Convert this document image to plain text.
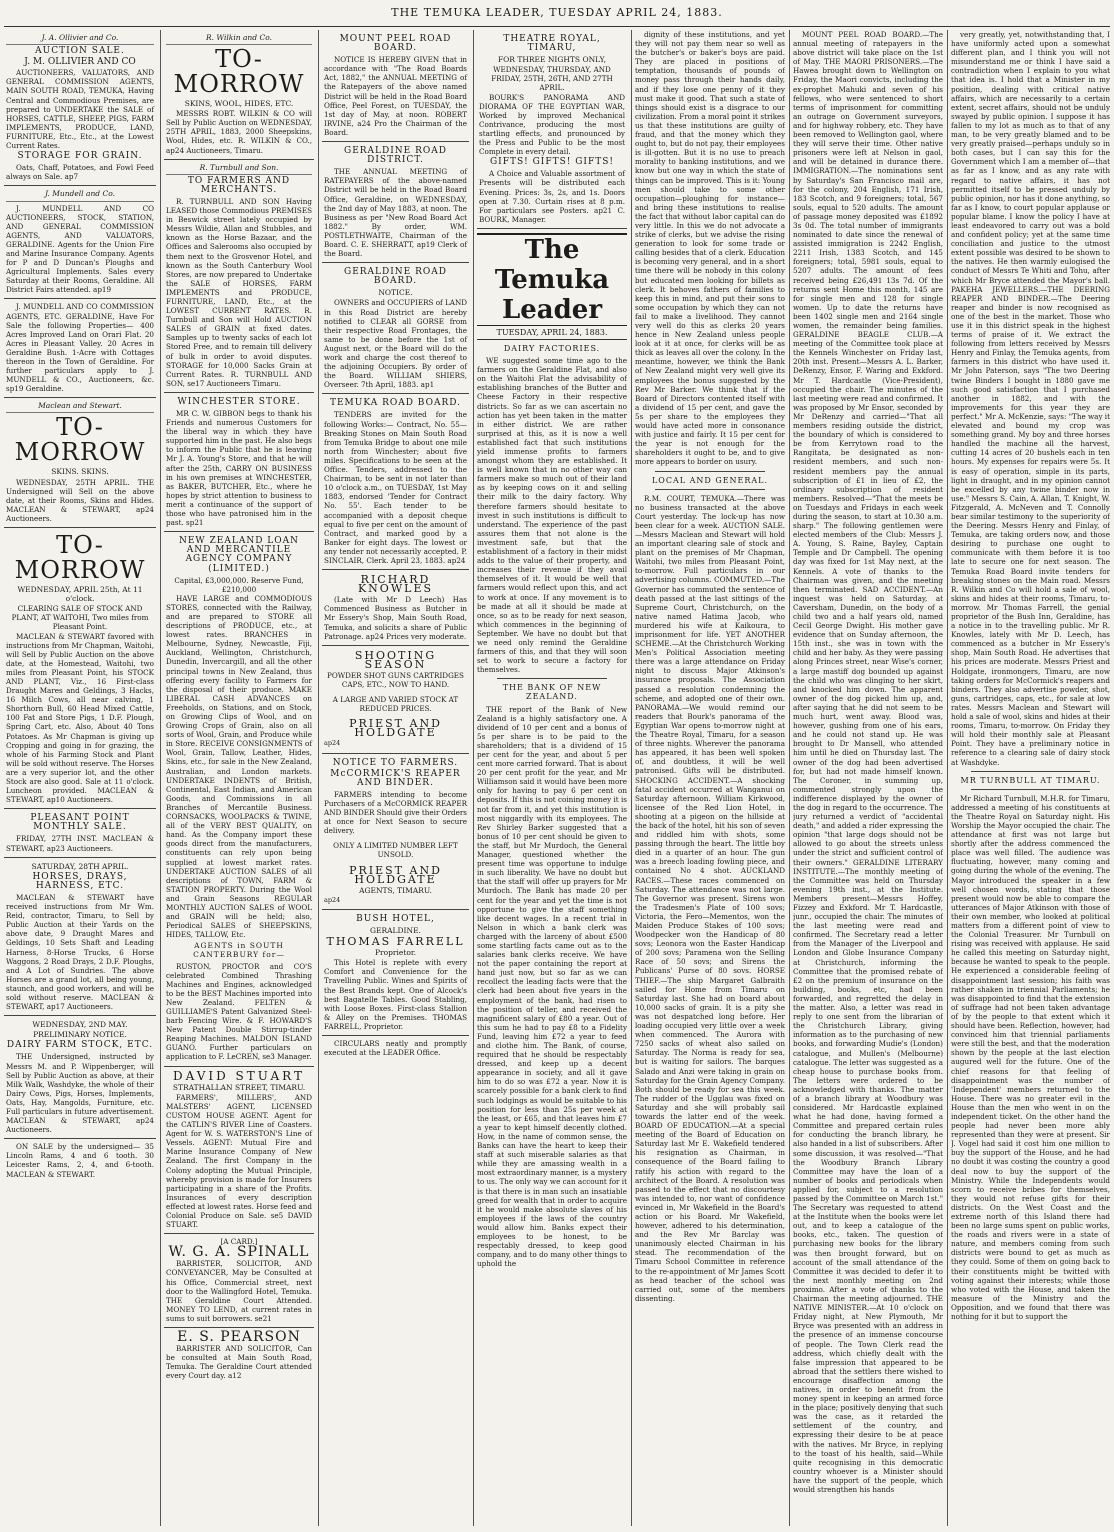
THE TEMUKA LEADER, TUESDAY APRIL 24, 1883.
J. A. Ollivier and Co.
AUCTION SALE.
J. M. OLLIVIER AND CO
AUCTIONEERS, VALUATORS, AND GENERAL COMMISSION AGENTS, MAIN SOUTH ROAD, TEMUKA, Having Central and Commodious Premises, are prepared to UNDERTAKE the SALE of HORSES, CATTLE, SHEEP, PIGS, FARM IMPLEMENTS, PRODUCE, LAND, FURNITURE, Etc., Etc., at the Lowest Current Rates.
STORAGE FOR GRAIN.
Oats, Chaff, Potatoes, and Fowl Feed always on Sale. ap7
J. Mundell and Co.
J. MUNDELL AND CO AUCTIONEERS, STOCK, STATION, AND GENERAL COMMISSION AGENTS, AND VALUATORS, GERALDINE. Agents for the Union Fire and Marine Insurance Company. Agents for P and D Duncan's Ploughs and Agricultural Implements. Sales every Saturday at their Rooms, Geraldine. All District Fairs attended. ap19
J. MUNDELL AND CO COMMISSION AGENTS, ETC. GERALDINE, Have For Sale the following Properties— 400 Acres Improved Land on Orari Flat. 20 Acres in Pleasant Valley. 20 Acres in Geraldine Bush. 1-Acre with Cottages thereon in the Town of Geraldine. For further particulars apply to J. MUNDELL & CO., Auctioneers, &c. sp19 Geraldine.
Maclean and Stewart.
TO-MORROW
SKINS. SKINS.
WEDNESDAY, 25TH APRIL. THE Undersigned will Sell on the above date, at their Rooms, Skins and Hides. MACLEAN & STEWART, ap24 Auctioneers.
TO-MORROW
WEDNESDAY, APRIL 25th, At 11 o'clock.
CLEARING SALE OF STOCK AND PLANT, AT WAITOHI, Two miles from Pleasant Point.
MACLEAN & STEWART favored with instructions from Mr Chapman, Waitohi, will Sell by Public Auction on the above date, at the Homestead, Waitohi, two miles from Pleasant Point, his STOCK AND PLANT, Viz., 16 First-class Draught Mares and Geldings, 3 Hacks, 16 Milch Cows, all near calving, 1 Shorthorn Bull, 60 Head Mixed Cattle, 100 Fat and Store Pigs, 1 D.F. Plough, Spring Cart, etc. Also, About 40 Tons Potatoes. As Mr Chapman is giving up Cropping and going in for grazing, the whole of his Farming Stock and Plant will be sold without reserve. The Horses are a very superior lot, and the other Stock are also good. Sale at 11 o'clock. Luncheon provided. MACLEAN & STEWART, ap10 Auctioneers.
PLEASANT POINT MONTHLY SALE.
FRIDAY, 27TH INST. MACLEAN & STEWART, ap23 Auctioneers.
SATURDAY, 28TH APRIL.
HORSES, DRAYS, HARNESS, ETC.
MACLEAN & STEWART have received instructions from Mr Wm. Reid, contractor, Timaru, to Sell by Public Auction at their Yards on the above date, 9 Draught Mares and Geldings, 10 Sets Shaft and Leading Harness, 8-Horse Trucks, 6 Horse Waggons, 2 Road Drays, 2 D.F. Ploughs, and A Lot of Sundries. The above Horses are a grand lot, all being young, staunch, and good workers, and will be sold without reserve. MACLEAN & STEWART, ap17 Auctioneers.
WEDNESDAY, 2ND MAY.
PRELIMINARY NOTICE.
DAIRY FARM STOCK, ETC.
THE Undersigned, instructed by Messrs M. and P. Wippenberger, will Sell by Public Auction as above, at their Milk Walk, Washdyke, the whole of their Dairy Cows, Pigs, Horses, Implements, Oats, Hay, Mangolds, Furniture, etc. Full particulars in future advertisement. MACLEAN & STEWART, ap24 Auctioneers.
ON SALE by the undersigned— 35 Lincoln Rams, 4 and 6 tooth. 30 Leicester Rams, 2, 4, and 6-tooth. MACLEAN & STEWART.
R. Wilkin and Co.
TO-MORROW
SKINS, WOOL, HIDES, ETC.
MESSRS ROBT. WILKIN & CO will Sell by Public Auction on WEDNESDAY, 25TH APRIL, 1883, 2000 Sheepskins, Wool, Hides, etc. R. WILKIN & CO., ap24 Auctioneers, Timaru.
R. Turnbull and Son.
TO FARMERS AND MERCHANTS.
R. TURNBULL AND SON Having LEASED those Commodious PREMISES in Beswick street lately occupied by Messrs Wildie, Allan and Stubbles, and known as the Horse Bazaar, and the Offices and Salerooms also occupied by them next to the Grosvenor Hotel, and known as the South Canterbury Wool Stores, are now prepared to Undertake the SALE of HORSES, FARM IMPLEMENTS and PRODUCE, FURNITURE, LAND, Etc., at the LOWEST CURRENT RATES. R. Turnbull and Son will Hold AUCTION SALES of GRAIN at fixed dates. Samples up to twenty sacks of each lot Stored Free, and to remain till delivery of bulk in order to avoid disputes. STORAGE for 10,000 Sacks Grain at Current Rates. R. TURNBULL AND SON, se17 Auctioneers Timaru.
WINCHESTER STORE.
MR C. W. GIBBON begs to thank his Friends and numerous Customers for the liberal way in which they have supported him in the past. He also begs to inform the Public that he is leaving Mr J. A. Young's Store, and that he will after the 25th, CARRY ON BUSINESS in his own premises at WINCHESTER, as BAKER, BUTCHER, Etc., where he hopes by strict attention to business to merit a continuance of the support of those who have patronised him in the past. sp21
NEW ZEALAND LOAN AND MERCANTILE AGENCY COMPANY (LIMITED.)
Capital, £3,000,000. Reserve Fund, £210,000
HAVE LARGE and COMMODIOUS STORES, connected with the Railway, and are prepared to STORE all descriptions of PRODUCE, etc., at lowest rates. BRANCHES in Melbourne, Sydney, Newcastle, Fiji, Auckland, Wellington, Christchurch, Dunedin, Invercargill, and all the other principal towns in New Zealand, thus offering every facility to Farmers for the disposal of their produce. MAKE LIBERAL CASH ADVANCES on Freeholds, on Stations, and on Stock, on Growing Clips of Wool, and on Growing Crops of Grain, also on all sorts of Wool, Grain, and Produce while in Store. RECEIVE CONSIGNMENTS of Wool, Grain, Tallow, Leather, Hides, Skins, etc., for sale in the New Zealand, Australian, and London markets. UNDERTAKE INDENTS of British, Continental, East Indian, and American Goods, and Commissions in all Branches of Mercantile Business. CORNSACKS, WOOLPACKS & TWINE, all of the VERY BEST QUALITY, on hand. As the Company import these goods direct from the manufacturers, constituents can rely upon being supplied at lowest market rates. UNDERTAKE AUCTION SALES of all descriptions of TOWN, FARM & STATION PROPERTY. During the Wool and Grain Seasons REGULAR MONTHLY AUCTION SALES of WOOL and GRAIN will be held; also, Periodical SALES of SHEEPSKINS, HIDES, TALLOW, Etc.
AGENTS in SOUTH CANTERBURY for—
RUSTON, PROCTOR and CO'S celebrated Combined Thrashing Machines and Engines, acknowledged to be the BEST Machines imported into New Zealand. FELTEN & GUILLIAME'S Patent Galvanized Steel-barb Fencing Wire. & F. HOWARD'S New Patent Double Stirrup-tinder Reaping Machines. MALDON ISLAND GUANO. Further particulars on application to F. LeCREN, se3 Manager.
DAVID STUART
STRATHALLAN STREET, TIMARU.
FARMERS', MILLERS', AND MALSTERS' AGENT, LICENSED CUSTOM HOUSE AGENT. Agent for the CATLIN'S RIVER Line of Coasters. Agent for W. S. WATERSTON'S Line of Vessels. AGENT: Mutual Fire and Marine Insurance Company of New Zealand. The first Company in the Colony adopting the Mutual Principle, whereby provision is made for Insurers participating in a share of the Profits. Insurances of every description effected at lowest rates. Horse feed and Colonial Produce on Sale. se5 DAVID STUART.
[A CARD.]
W. G. A. SPINALL
BARRISTER, SOLICITOR, AND CONVEYANCER, May be Consulted at his Office, Commercial street, next door to the Wallingford Hotel, Temuka. THE Geraldine Court Attended. MONEY TO LEND, at current rates in sums to suit borrowers. se21
E. S. PEARSON
BARRISTER AND SOLICITOR, Can be consulted at Main South Road, Temuka. The Geraldine Court attended every Court day. a12
MOUNT PEEL ROAD BOARD.
NOTICE IS HEREBY GIVEN that in accordance with "The Road Boards Act, 1882," the ANNUAL MEETING of the Ratepayers of the above named District will be held in the Road Board Office, Peel Forest, on TUESDAY, the 1st day of May, at noon. ROBERT IRVINE, a24 Pro the Chairman of the Board.
GERALDINE ROAD DISTRICT.
THE ANNUAL MEETING of RATEPAYERS of the above-named District will be held in the Road Board Office, Geraldine, on WEDNESDAY, the 2nd day of May 1883, at noon. The Business as per "New Road Board Act 1882." By order, WM. POSTLETHWAITE, Chairman of the Board. C. E. SHERRATT, ap19 Clerk of the Board.
GERALDINE ROAD BOARD.
NOTICE.
OWNERS and OCCUPIERS of LAND in this Road District are hereby notified to CLEAR all GORSE from their respective Road Frontages, the same to be done before the 1st of August next, or the Board will do the work and charge the cost thereof to the adjoining Occupiers. By order of the Board. WILLIAM SHIERS, Overseer. 7th April, 1883. ap1
TEMUKA ROAD BOARD.
TENDERS are invited for the following Works:— Contract, No. 55—Breaking Stones on Main South Road from Temuka Bridge to about one mile north from Winchester; about five miles. Specifications to be seen at the Office. Tenders, addressed to the Chairman, to be sent in not later than 10 o'clock a.m., on TUESDAY, 1st May 1883, endorsed 'Tender for Contract No. 55'. Each tender to be accompanied with a deposit cheque equal to five per cent on the amount of Contract, and marked good by a Banker for eight days. The lowest or any tender not necessarily accepted. P. SINCLAIR, Clerk. April 23, 1883. ap24
RICHARD KNOWLES
(Late with Mr D Leech) Has Commenced Business as Butcher in Mr Essery's Shop, Main South Road, Temuka, and solicits a share of Public Patronage. ap24 Prices very moderate.
SHOOTING SEASON
POWDER SHOT GUNS CARTRIDGES CAPS, ETC., NOW TO HAND.
A LARGE AND VARIED STOCK AT REDUCED PRICES.
PRIEST AND HOLDGATE
ap24
NOTICE TO FARMERS.
McCORMICK'S REAPER AND BINDER.
FARMERS intending to become Purchasers of a McCORMICK REAPER AND BINDER Should give their Orders at once for Next Season to secure delivery.
ONLY A LIMITED NUMBER LEFT UNSOLD.
PRIEST AND HOLDGATE
AGENTS, TIMARU.
ap24
BUSH HOTEL,
GERALDINE.
THOMAS FARRELL
Proprietor.
This Hotel is replete with every Comfort and Convenience for the Travelling Public. Wines and Spirits of the Best Brands kept. One of Alcock's best Bagatelle Tables. Good Stabling, with Loose Boxes. First-class Stallion & Alley on the Premises. THOMAS FARRELL, Proprietor.
CIRCULARS neatly and promptly executed at the LEADER Office.
THEATRE ROYAL, TIMARU,
FOR THREE NIGHTS ONLY,
WEDNESDAY, THURSDAY, AND FRIDAY, 25TH, 26TH, AND 27TH APRIL.
BOURK'S PANORAMA AND DIORAMA OF THE EGYPTIAN WAR, Worked by improved Mechanical Contrivance, producing the most startling effects, and pronounced by the Press and Public to be the most Complete in every detail.
GIFTS! GIFTS! GIFTS!
A Choice and Valuable assortment of Presents will be distributed each Evening. Prices: 3s, 2s, and 1s. Doors open at 7.30. Curtain rises at 8 p.m. For particulars see Posters. ap21 C. BOURK, Manager.
The Temuka Leader
TUESDAY, APRIL 24, 1883.
DAIRY FACTORIES.

WE suggested some time ago to the farmers on the Geraldine Flat, and also on the Waitohi Flat the advisability of establishing branches of the Butter and Cheese Factory in their respective districts. So far as we can ascertain no action has yet been taken in the matter in either district. We are rather surprised at this, as it is now a well established fact that such institutions yield immense profits to farmers amongst whom they are established. It is well known that in no other way can farmers make so much out of their land as by keeping cows on it and selling their milk to the dairy factory. Why therefore farmers should hesitate to invest in such institutions is difficult to understand. The experience of the past assures them that not alone is the investment safe, but that the establishment of a factory in their midst adds to the value of their property, and increases their revenue if they avail themselves of it. It would be well that farmers would reflect upon this, and act to work at once. If any movement is to be made at all it should be made at once, so as to be ready for next season, which commences in the beginning of September. We have no doubt but that we need only remind the Geraldine farmers of this, and that they will soon set to work to secure a factory for themselves.

THE BANK OF NEW ZEALAND.

THE report of the Bank of New Zealand is a highly satisfactory one. A dividend of 10 per cent and a bonus of 5s per share is to be paid to the shareholders; that is a dividend of 15 per cent for the year, and about 5 per cent more carried forward. That is about 20 per cent profit for the year, and Mr Williamson said it would have been more only for having to pay 6 per cent on deposits. If this is not coining money it is not far from it, and yet this institution is most niggardly with its employees. The Rev Shirley Barker suggested that a bonus of 10 per cent should be given to the staff, but Mr Murdoch, the General Manager, questioned whether the present time was opportune to indulge in such liberality. We have no doubt but that the staff will offer up prayers for Mr Murdoch. The Bank has made 20 per cent for the year and yet the time is not opportune to give the staff something like decent wages. In a recent trial in Nelson in which a bank clerk was charged with the larceny of about £500 some startling facts came out as to the salaries bank clerks receive. We have not the paper containing the report at hand just now, but so far as we can recollect the leading facts were that the clerk had been about five years in the employment of the bank, had risen to the position of teller, and received the magnificent salary of £80 a year. Out of this sum he had to pay £8 to a Fidelity Fund, leaving him £72 a year to feed and clothe him. The Bank, of course, required that he should be respectably dressed, and keep up a decent appearance in society, and all it gave him to do so was £72 a year. Now it is scarcely possible for a bank clerk to find such lodgings as would be suitable to his position for less than 25s per week at the least, or £65, and that leaves him £7 a year to kept himself decently clothed. How, in the name of common sense, the Banks can have the heart to keep their staff at such miserable salaries as that while they are amassing wealth in a most extraordinary manner, is a mystery to us. The only way we can account for it is that there is in man such an insatiable greed for wealth that in order to acquire it he would make absolute slaves of his employees if the laws of the country would allow him. Banks expect their employees to be honest, to be respectably dressed, to keep good company, and to do many other things to uphold the

dignity of these institutions, and yet they will not pay them near so well as the butcher's or baker's boys are paid. They are placed in positions of temptation, thousands of pounds of money pass through their hands daily, and if they lose one penny of it they must make it good. That such a state of things should exist is a disgrace to our civilization. From a moral point it strikes us that these institutions are guilty of fraud, and that the money which they ought to, but do not pay, their employees is ill-gotten. But it is no use to preach morality to banking institutions, and we know but one way in which the state of things can be improved. This is it: Young men should take to some other occupation—ploughing for instance—and bring these institutions to realise the fact that without labor capital can do very little. In this we do not advocate a strike of clerks, but we advise the rising generation to look for some trade or calling besides that of a clerk. Education is becoming very general, and in a short time there will be nobody in this colony but educated men looking for billets as clerk. It behoves fathers of families to keep this in mind, and put their sons to some occupation by which they can not fail to make a livelihood. They cannot very well do this as clerks 20 years hence in New Zealand unless people look at it at once, for clerks will be as thick as leaves all over the colony. In the meantime, however, we think the Bank of New Zealand might very well give its employees the bonus suggested by the Rev Mr Barker. We think that if the Board of Directors contented itself with a dividend of 15 per cent, and gave the 5s per share to the employees they would have acted more in consonance with justice and fairly. It 15 per cent for the year is not enough for the shareholders it ought to be, and to give more appears to border on usury.

LOCAL AND GENERAL.

R.M. COURT, TEMUKA.—There was no business transacted at the above Court yesterday. The lock-up has now been clear for a week. AUCTION SALE.—Messrs Maclean and Stewart will hold an important clearing sale of stock and plant on the premises of Mr Chapman, Waitohi, two miles from Pleasant Point, to-morrow. Full particulars in our advertising columns. COMMUTED.—The Governor has commuted the sentence of death passed at the last sittings of the Supreme Court, Christchurch, on the native named Hatima Jacob, who murdered his wife at Kaikoura, to imprisonment for life. YET ANOTHER SCHEME.—At the Christchurch Working Men's Political Association meeting there was a large attendance on Friday night to discuss Major Atkinson's insurance proposals. The Association passed a resolution condemning the scheme, and adopted one of their own. PANORAMA.—We would remind our readers that Bourk's panorama of the Egyptian War opens to-morrow night at the Theatre Royal, Timaru, for a season of three nights. Wherever the panorama has appeared, it has been well spoken of, and doubtless, it will be well patronised. Gifts will be distributed. SHOCKING ACCIDENT.—A shocking fatal accident occurred at Wanganui on Saturday afternoon. William Kirkwood, licensee of the Red Lion Hotel, in shooting at a pigeon on the hillside at the back of the hotel, hit his son of seven and riddled him with shots, some passing through the heart. The little boy died in a quarter of an hour. The gun was a breech loading fowling piece, and contained No 4 shot. AUCKLAND RACES.—These races commenced on Saturday. The attendance was not large. The Governor was present. Sirens won the Tradesmen's Plate of 100 sovs; Victoria, the Fero—Mementos, won the Maiden Produce Stakes of 100 sovs; Woodpecker won the Handicap of 80 sovs; Leonora won the Easter Handicap of 200 sovs; Paramena won the Selling Race of 50 sovs; and Sirens the Publicans' Purse of 80 sovs. HORSE THIEF.—The ship Margaret Galbraith sailed for Home from Timaru on Saturday last. She had on board about 10,000 sacks of grain. It is a pity she was not despatched long before. Her loading occupied very little over a week when commenced. The Aurora with 7250 sacks of wheat also sailed on Saturday. The Norma is ready for sea, but is waiting for sailors. The barques Salado and Anzi were taking in grain on Saturday for the Grain Agency Company. Both should be ready for sea this week. The rudder of the Ugglau was fixed on Saturday and she will probably sail towards the latter end of the week. BOARD OF EDUCATION.—At a special meeting of the Board of Education on Saturday last Mr E. Wakefield tendered his resignation as Chairman, in consequence of the Board failing to ratify his action with regard to the architect of the Board. A resolution was passed to the effect that no discourtesy was intended to, nor want of confidence evinced in, Mr Wakefield in the Board's action or his Board. Mr Wakefield, however, adhered to his determination, and the Rev Mr Barclay was unanimously elected Chairman in his stead. The recommendation of the Timaru School Committee in reference to the re-appointment of Mr James Scott as head teacher of the school was carried out, some of the members dissenting.

MOUNT PEEL ROAD BOARD.—The annual meeting of ratepayers in the above district will take place on the 1st of May. THE MAORI PRISONERS.—The Hawea brought down to Wellington on Friday, the Maori convicts, including the ex-prophet Mahuki and seven of his fellows, who were sentenced to short terms of imprisonment for committing an outrage on Government surveyors, and for highway robbery, etc. They have been removed to Wellington gaol, where they will serve their time. Other native prisoners were left at Nelson in gaol, and will be detained in durance there. IMMIGRATION.—The nominations sent by Saturday's San Francisco mail are, for the colony, 204 English, 171 Irish, 183 Scotch, and 9 foreigners; total, 567 souls, equal to 520 adults. The amount of passage money deposited was £1892 3s 0d. The total number of immigrants nominated to date since the renewal of assisted immigration is 2242 English, 2211 Irish, 1383 Scotch, and 145 foreigners; total, 5981 souls, equal to 5207 adults. The amount of fees received being £26,491 13s 7d. Of the returns sent Home this month, 145 are for single men and 128 for single women. Up to date the returns have been 1402 single men and 2164 single women, the remainder being families. GERALDINE BEAGLE CLUB.—A meeting of the Committee took place at the Kennels Winchester on Friday last, 20th inst. Present—Messrs A. L. Barker, DeRenzy, Ensor, F. Waring and Exkford. Mr T. Hardcastle (Vice-President), occupied the chair. The minutes of the last meeting were read and confirmed. It was proposed by Mr Ensor, seconded by Mr DeRenzy and carried—"That all members residing outside the district, the boundary of which is considered to be from Kerrytown road to the Rangitata, be designated as non-resident members, and such non-resident members pay the annual subscription of £1 in lieu of £2, the ordinary subscription of resident members. Resolved—"That the meets be on Tuesdays and Fridays in each week during the season, to start at 10.30 a.m. sharp." The following gentlemen were elected members of the Club: Messrs J. A. Young, S. Raine, Bayley, Captain Temple and Dr Campbell. The opening day was fixed for 1st May next, at the Kennels. A vote of thanks to the Chairman was given, and the meeting then terminated. SAD ACCIDENT.—An inquest was held on Saturday, at Caversham, Dunedin, on the body of a child two and a half years old, named Cecil George Dwight. His mother gave evidence that on Sunday afternoon, the 15th inst., she was in town with the child and her baby. As they were passing along Princes street, near Wise's corner, a large mastiff dog bounded up against the child who was clinging to her skirt, and knocked him down. The apparent owner of the dog picked him up, and, after saying that he did not seem to be much hurt, went away. Blood was, however, gushing from one of his ears, and he could not stand up. He was brought to Dr Mansell, who attended him until he died on Thursday last. The owner of the dog had been advertised for, but had not made himself known. The Coroner, in summing up, commented strongly upon the indifference displayed by the owner of the dog in regard to the occurrence. The jury returned a verdict of "accidental death," and added a rider expressing the opinion "that large dogs should not be allowed to go about the streets unless under the strict and sufficient control of their owners." GERALDINE LITERARY INSTITUTE.—The monthly meeting of the Committee was held on Thursday evening 19th inst., at the Institute. Members present—Messrs Hoffey, Fizzey and Exkford. Mr T. Hardcastle, junr., occupied the chair. The minutes of the last meeting were read and confirmed. The Secretary read a letter from the Manager of the Liverpool and London and Globe Insurance Company at Christchurch, informing the Committee that the promised rebate of £2 on the premium of insurance on the building, books, etc, had been forwarded, and regretted the delay in the matter. Also, a letter was read in reply to one sent from the librarian of the Christchurch Library, giving information as to the purchasing of new books, and forwarding Mudie's (London) catalogue, and Mullen's (Melbourne) catalogue. The letter was suggested as a cheap house to purchase books from. The letters were ordered to be acknowledged with thanks. The matter of a branch library at Woodbury was considered. Mr Hardcastle explained what he had done, having formed a Committee and prepared certain rules for conducting the branch library, he also handed in a list of subscribers. After some discussion, it was resolved—"That the Woodbury Branch Library Committee may have the loan of a number of books and periodicals when applied for, subject to a resolution passed by the Committee on March 1st." The Secretary was requested to attend at the Institute when the books were let out, and to keep a catalogue of the books, etc., taken. The question of purchasing new books for the library was then brought forward, but on account of the small attendance of the Committee it was decided to defer it to the next monthly meeting on 2nd proximo. After a vote of thanks to the Chairman the meeting adjourned. THE NATIVE MINISTER.—At 10 o'clock on Friday night, at New Plymouth, Mr Bryce was presented with an address in the presence of an immense concourse of people. The Town Clerk read the address, which chiefly dealt with the false impression that appeared to be abroad that the settlers there wished to encourage disaffection among the natives, in order to benefit from the money spent in keeping an armed force in the place; positively denying that such was the case, as it retarded the settlement of the country, and expressing their desire to be at peace with the natives. Mr Bryce, in replying to the toast of his health, said—While quite recognising in this democratic country whoever is a Minister should have the support of the people, which would strengthen his hands

very greatly, yet, notwithstanding that, I have uniformly acted upon a somewhat different plan, and I think you will not misunderstand me or think I have said a contradiction when I explain to you what that idea is. I hold that a Minister in my position, dealing with critical native affairs, which are necessarily to a certain extent, secret affairs, should not be unduly swayed by public opinion. I suppose it has fallen to my lot as much as to that of any man, to be very greatly blamed and to be very greatly praised—perhaps unduly so in both cases, but I can say this for the Government which I am a member of—that as far as I know, and as any rate with regard to native affairs, it has not permitted itself to be pressed unduly by public opinion, nor has it done anything, so far as I know, to court popular applause or popular blame. I know the policy I have at least endeavored to carry out was a bold and confident policy; yet at the same time conciliation and justice to the utmost extent possible was desired to be shown to the natives. He then warmly eulogised the conduct of Messrs Te Whiti and Tohu, after which Mr Bryce attended the Mayor's ball. PAKEHA JEWELLERS.—THE DEERING REAPER AND BINDER.—The Deering reaper and binder is now recognised as one of the best in the market. Those who use it in this district speak in the highest terms of praise of it. We extract the following from letters received by Messrs Henry and Finlay, the Temuka agents, from farmers in this district who have used it. Mr John Paterson, says "The two Deering twine Binders I bought in 1880 gave me such good satisfaction that I purchased another in 1882, and with the improvements for this year they are perfect." Mr A. McKenzie, says: "The way it elevated and bound my crop was something grand. My boy and three horses handled the machine all the harvest, cutting 14 acres of 20 bushels each in ten hours. My expenses for repairs were 5s. It is easy of operation, simple in its parts, light in draught, and in my opinion cannot be excelled by any twine binder now in use." Messrs S. Cain, A. Allan, T. Knight, W. Fitzgerald, A. McNeven and T. Connolly bear similar testimony to the superiority of the Deering. Messrs Henry and Finlay, of Temuka, are taking orders now, and those desiring to purchase one ought to communicate with them before it is too late to secure one for next season. The Temuka Road Board invite tenders for breaking stones on the Main road. Messrs R. Wilkin and Co will hold a sale of wool, skins and hides at their rooms, Timaru, to-morrow. Mr Thomas Farrell, the genial proprietor of the Bush Inn, Geraldine, has a notice in to the travelling public. Mr R. Knowles, lately with Mr D. Leech, has commenced as a butcher in Mr Essery's shop, Main South Road. He advertises that his prices are moderate. Messrs Priest and Holdgate, ironmongers, Timaru, are now taking orders for McCormick's reapers and binders. They also advertise powder, shot, guns, cartridges, caps, etc., for sale at low rates. Messrs Maclean and Stewart will hold a sale of wool, skins and hides at their rooms, Timaru, to-morrow. On Friday they will hold their monthly sale at Pleasant Point. They have a preliminary notice in reference to a clearing sale of dairy stock at Washdyke.

MR TURNBULL AT TIMARU.

Mr Richard Turnbull, M.H.R. for Timaru, addressed a meeting of his constituents at the Theatre Royal on Saturday night. His Worship the Mayor occupied the chair. The attendance at first was not large but shortly after the address commenced the place was well filled. The audience was fluctuating, however, many coming and going during the whole of the evening. The Mayor introduced the speaker in a few well chosen words, stating that those present would now be able to compare the utterances of Major Atkinson with those of their own member, who looked at political matters from a different point of view to the Colonial Treasurer. Mr Turnbull on rising was received with applause. He said he called this meeting on Saturday night, because he wanted to speak to the people. He experienced a considerable feeling of disappointment last session; his faith was rather shaken in triennial Parliaments; he was disappointed to find that the extension of suffrage had not been taken advantage of by the people to that extent which it should have been. Reflection, however, had convinced him that triennial parliaments were still the best, and that the moderation shown by the people at the last election augured well for the future. One of the chief reasons for that feeling of disappointment was the number of 'Independent' members returned to the House. There was no greater evil in the House than the men who went in on the independent ticket. On the other hand the people had never been more ably represented than they were at present. Sir J. Vogel had said it cost him one million to buy the support of the House, and he had no doubt it was costing the country a good deal now to buy the support of the Ministry. While the Independents would scorn to receive bribes for themselves, they would not refuse gifts for their districts. On the West Coast and the extreme north of this Island there had been no large sums spent on public works, the roads and rivers were in a state of nature, and members coming from such districts were bound to get as much as they could. Some of them on going back to their constituents might be twitted with voting against their interests; while those who voted with the House, and taken the measure of the Ministry and the Opposition, and we found that there was nothing for it but to support the
